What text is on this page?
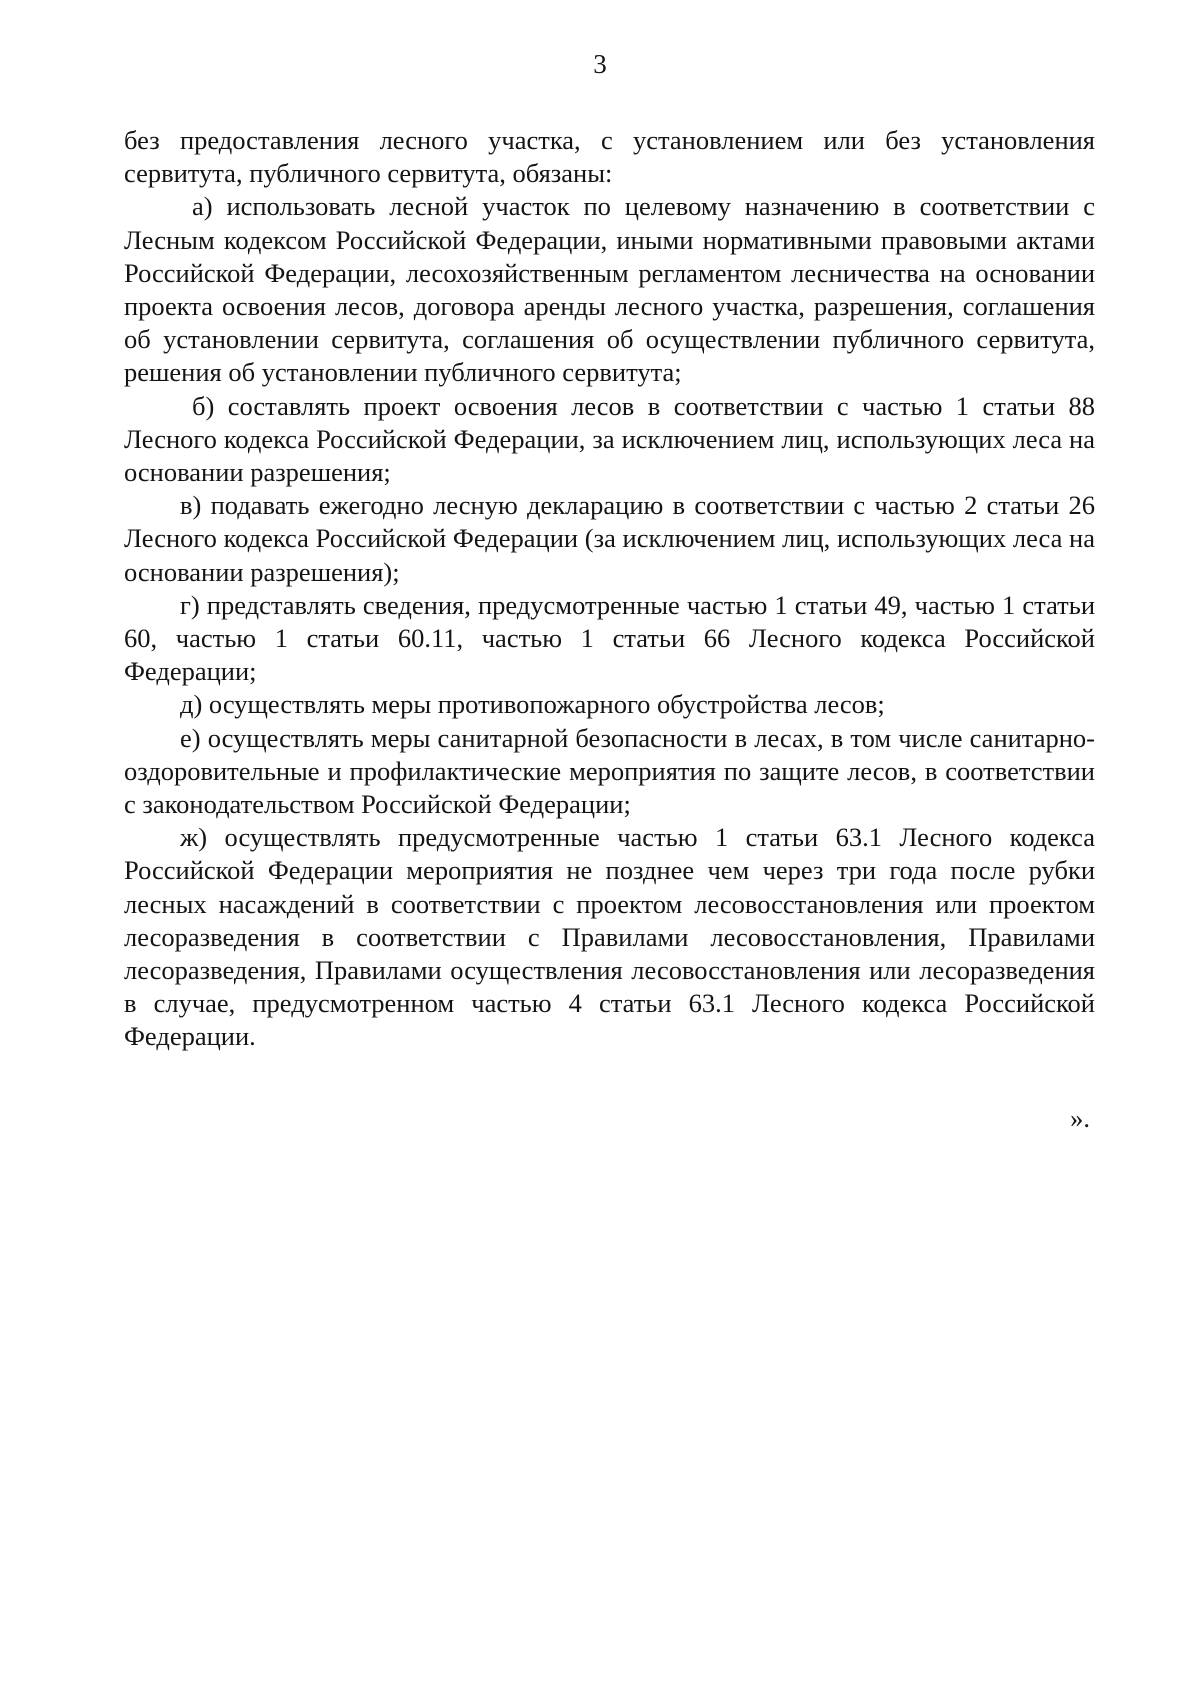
3

без предоставления лесного участка, с установлением или без установления сервитута, публичного сервитута, обязаны:

а) использовать лесной участок по целевому назначению в соответствии с Лесным кодексом Российской Федерации, иными нормативными правовыми актами Российской Федерации, лесохозяйственным регламентом лесничества на основании проекта освоения лесов, договора аренды лесного участка, разрешения, соглашения об установлении сервитута, соглашения об осуществлении публичного сервитута, решения об установлении публичного сервитута;

б) составлять проект освоения лесов в соответствии с частью 1 статьи 88 Лесного кодекса Российской Федерации, за исключением лиц, использующих леса на основании разрешения;

в) подавать ежегодно лесную декларацию в соответствии с частью 2 статьи 26 Лесного кодекса Российской Федерации (за исключением лиц, использующих леса на основании разрешения);

г) представлять сведения, предусмотренные частью 1 статьи 49, частью 1 статьи 60, частью 1 статьи 60.11, частью 1 статьи 66 Лесного кодекса Российской Федерации;

д) осуществлять меры противопожарного обустройства лесов;

е) осуществлять меры санитарной безопасности в лесах, в том числе санитарно-оздоровительные и профилактические мероприятия по защите лесов, в соответствии с законодательством Российской Федерации;

ж) осуществлять предусмотренные частью 1 статьи 63.1 Лесного кодекса Российской Федерации мероприятия не позднее чем через три года после рубки лесных насаждений в соответствии с проектом лесовосстановления или проектом лесоразведения в соответствии с Правилами лесовосстановления, Правилами лесоразведения, Правилами осуществления лесовосстановления или лесоразведения в случае, предусмотренном частью 4 статьи 63.1 Лесного кодекса Российской Федерации.

».
